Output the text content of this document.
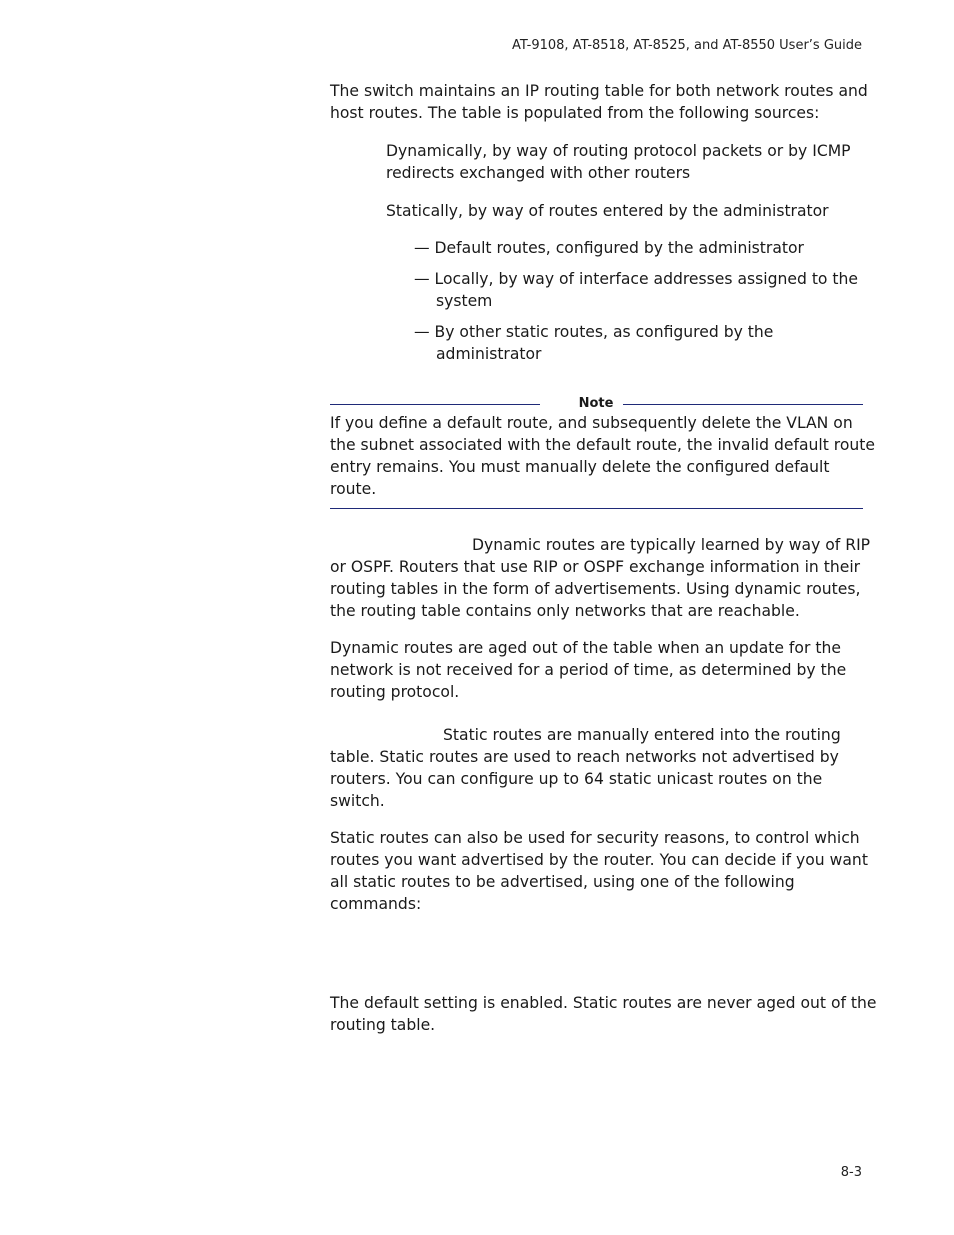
AT-9108, AT-8518, AT-8525, and AT-8550 User’s Guide
The switch maintains an IP routing table for both network routes and
host routes. The table is populated from the following sources:
Dynamically, by way of routing protocol packets or by ICMP
redirects exchanged with other routers
Statically, by way of routes entered by the administrator
— Default routes, configured by the administrator
— Locally, by way of interface addresses assigned to the
system
— By other static routes, as configured by the
administrator
Note
If you define a default route, and subsequently delete the VLAN on
the subnet associated with the default route, the invalid default route
entry remains. You must manually delete the configured default
route.
Dynamic routes are typically learned by way of RIP
or OSPF. Routers that use RIP or OSPF exchange information in their
routing tables in the form of advertisements. Using dynamic routes,
the routing table contains only networks that are reachable.
Dynamic routes are aged out of the table when an update for the
network is not received for a period of time, as determined by the
routing protocol.
Static routes are manually entered into the routing
table. Static routes are used to reach networks not advertised by
routers. You can configure up to 64 static unicast routes on the
switch.
Static routes can also be used for security reasons, to control which
routes you want advertised by the router. You can decide if you want
all static routes to be advertised, using one of the following
commands:
The default setting is enabled. Static routes are never aged out of the
routing table.
8-3
